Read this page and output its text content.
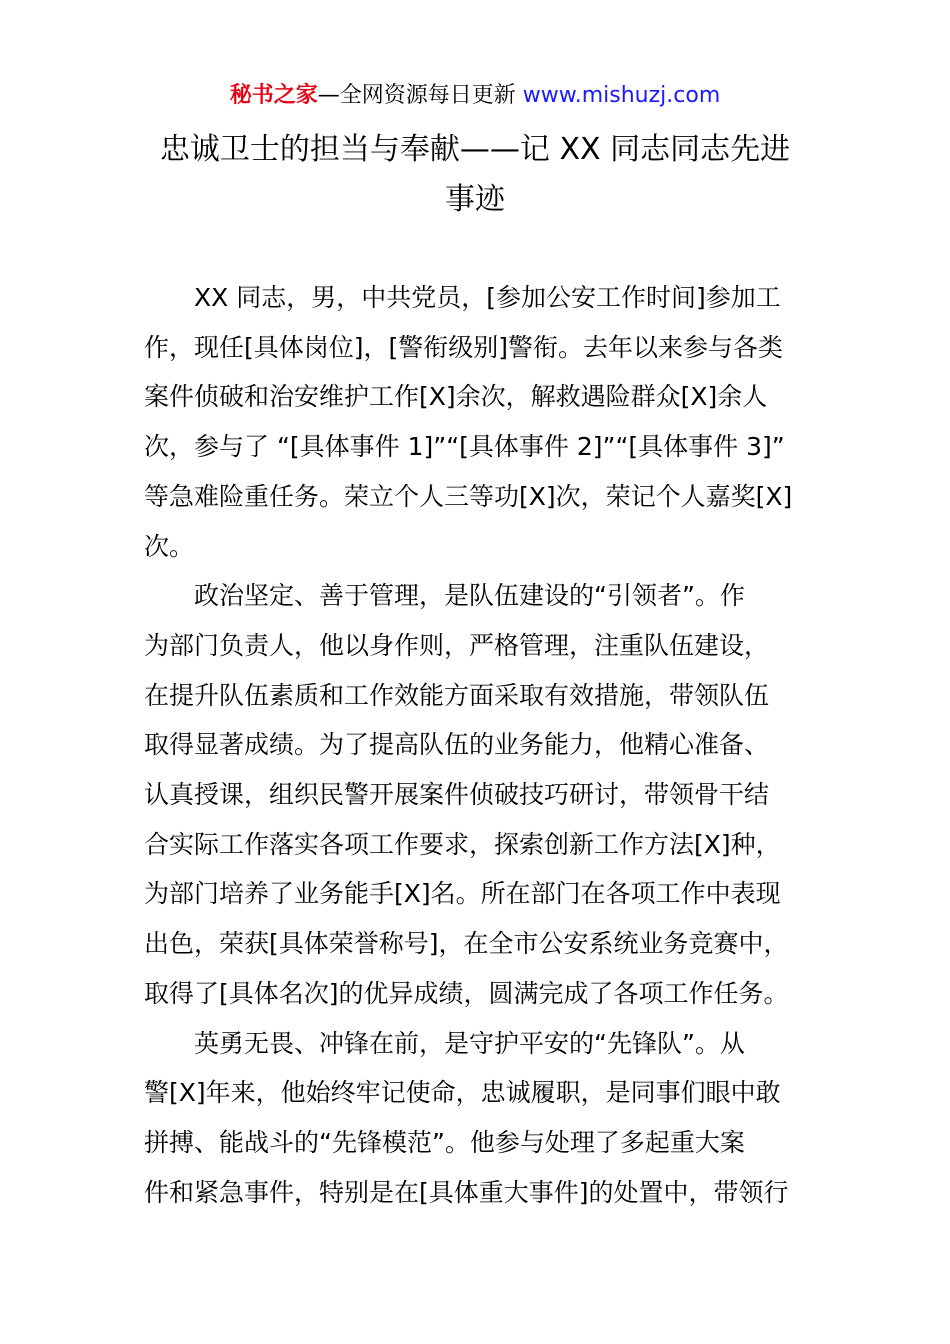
秘书之家—全网资源每日更新 www.mishuzj.com
忠诚卫士的担当与奉献——记 XX 同志同志先进
事迹
　　XX 同志，男，中共党员，[参加公安工作时间]参加工
作，现任[具体岗位]，[警衔级别]警衔。去年以来参与各类
案件侦破和治安维护工作[X]余次，解救遇险群众[X]余人
次，参与了 “[具体事件 1]”“[具体事件 2]”“[具体事件 3]”
等急难险重任务。荣立个人三等功[X]次，荣记个人嘉奖[X]
次。
　　政治坚定、善于管理，是队伍建设的“引领者”。作
为部门负责人，他以身作则，严格管理，注重队伍建设，
在提升队伍素质和工作效能方面采取有效措施，带领队伍
取得显著成绩。为了提高队伍的业务能力，他精心准备、
认真授课，组织民警开展案件侦破技巧研讨，带领骨干结
合实际工作落实各项工作要求，探索创新工作方法[X]种，
为部门培养了业务能手[X]名。所在部门在各项工作中表现
出色，荣获[具体荣誉称号]，在全市公安系统业务竞赛中，
取得了[具体名次]的优异成绩，圆满完成了各项工作任务。
　　英勇无畏、冲锋在前，是守护平安的“先锋队”。从
警[X]年来，他始终牢记使命，忠诚履职，是同事们眼中敢
拼搏、能战斗的“先锋模范”。他参与处理了多起重大案
件和紧急事件，特别是在[具体重大事件]的处置中，带领行
